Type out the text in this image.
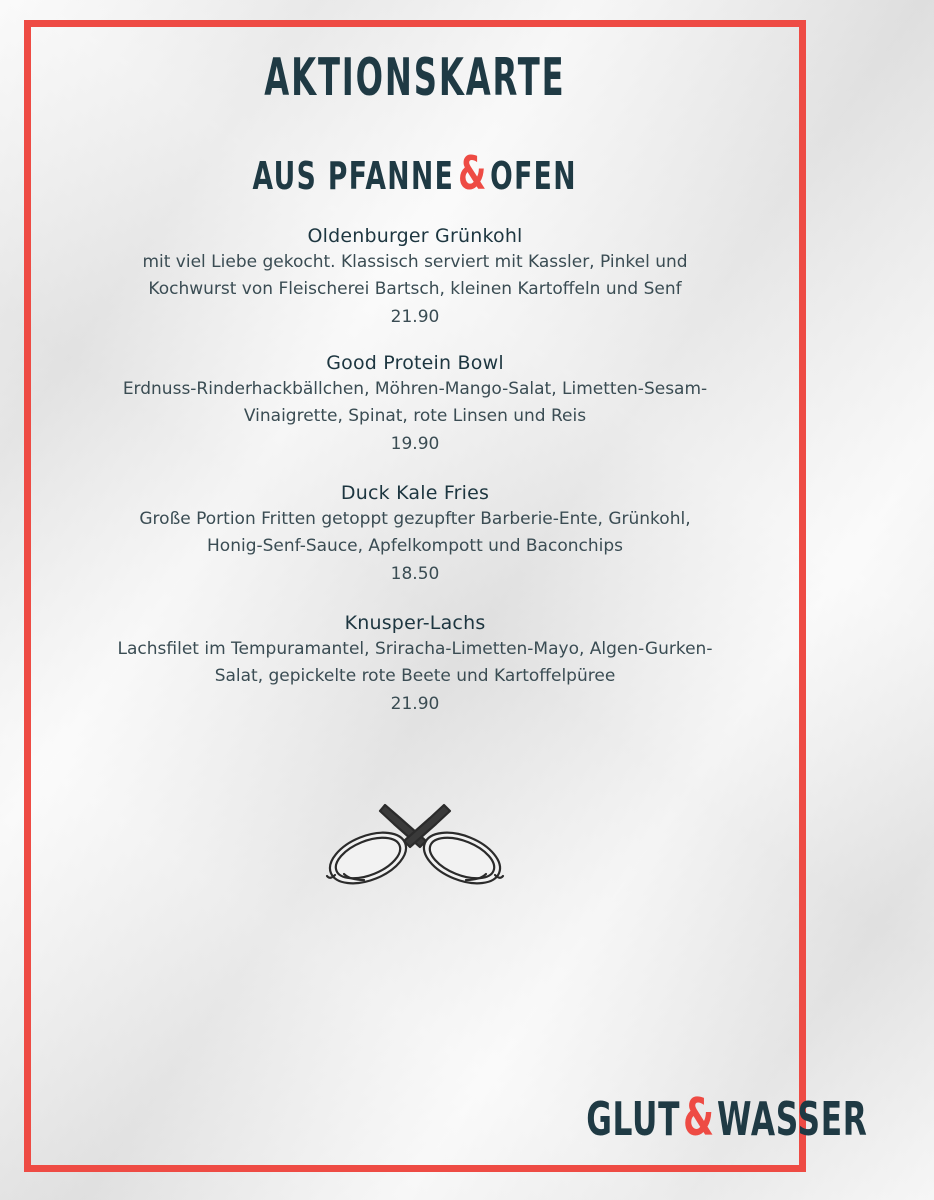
AKTIONSKARTE
AUS PFANNE & OFEN
Oldenburger Grünkohl
mit viel Liebe gekocht. Klassisch serviert mit Kassler, Pinkel und
Kochwurst von Fleischerei Bartsch, kleinen Kartoffeln und Senf
21.90
Good Protein Bowl
Erdnuss-Rinderhackbällchen, Möhren-Mango-Salat, Limetten-Sesam-
Vinaigrette, Spinat, rote Linsen und Reis
19.90
Duck Kale Fries
Große Portion Fritten getoppt gezupfter Barberie-Ente, Grünkohl,
Honig-Senf-Sauce, Apfelkompott und Baconchips
18.50
Knusper-Lachs
Lachsfilet im Tempuramantel, Sriracha-Limetten-Mayo, Algen-Gurken-
Salat, gepickelte rote Beete und Kartoffelpüree
21.90
GLUT & WASSER
